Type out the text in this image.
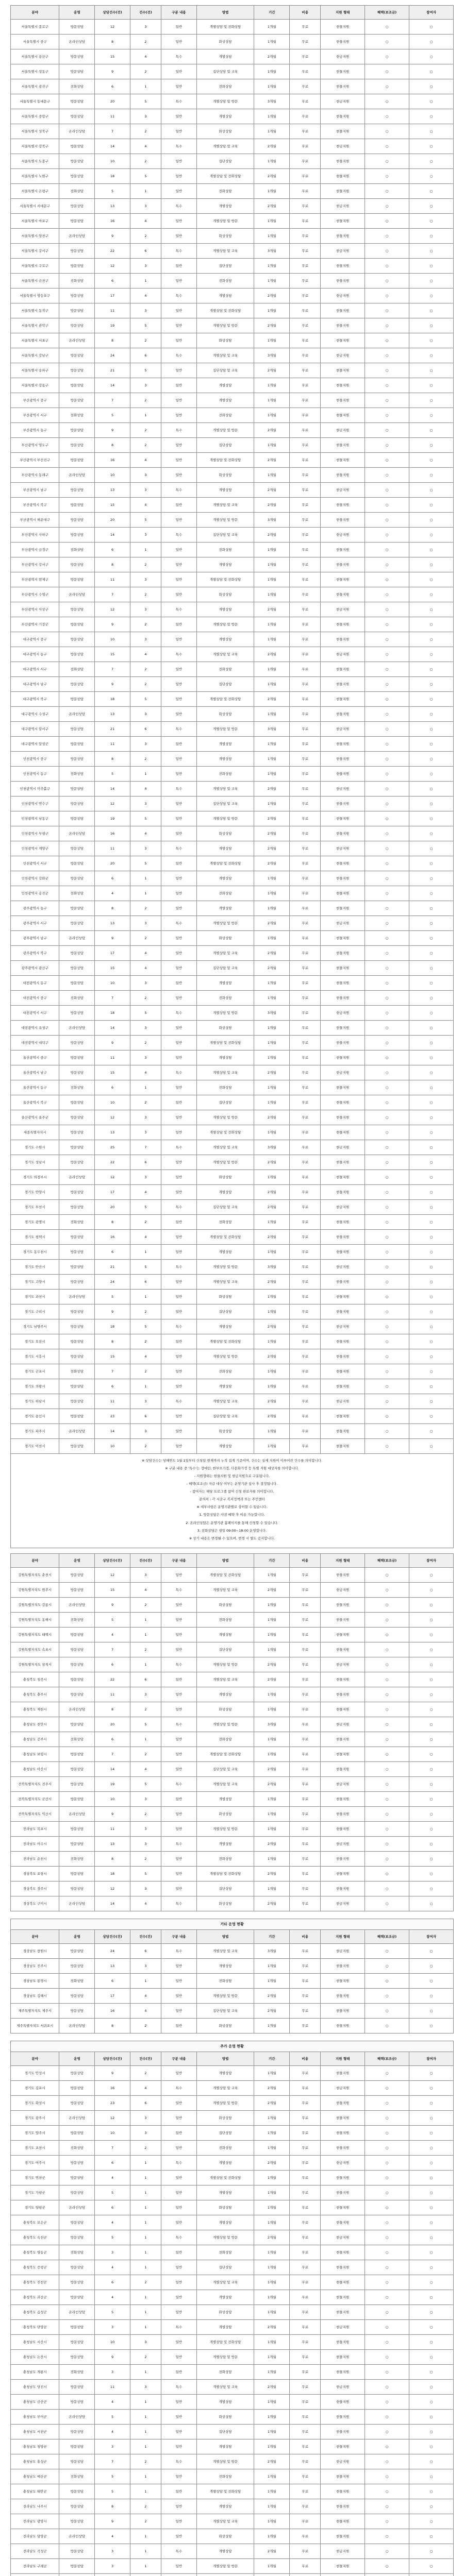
분야	운영	상담건수(건)	건수(건)	구분 내용	방법	기간	비용	지원 형태	혜택(보조금)	참여자
서울특별시 종로구	방문상담	12	3	일반	개별상담 및 전화상담	1개월	무료	현물지원	○	○
서울특별시 중구	온라인상담	8	2	일반	화상상담	1개월	무료	현물지원	○	○
서울특별시 용산구	방문상담	15	4	특수	개별상담	2개월	무료	현금지원	○	○
서울특별시 성동구	방문상담	9	2	일반	집단상담 및 교육	1개월	무료	현물지원	○	○
서울특별시 광진구	전화상담	6	1	일반	전화상담	1개월	무료	현물지원	○	○
서울특별시 동대문구	방문상담	20	5	특수	개별상담 및 방문	3개월	무료	현금지원	○	○
서울특별시 중랑구	방문상담	11	3	일반	개별상담	1개월	무료	현물지원	○	○
서울특별시 성북구	온라인상담	7	2	일반	화상상담	1개월	무료	현물지원	○	○
서울특별시 강북구	방문상담	14	4	특수	개별상담 및 교육	2개월	무료	현금지원	○	○
서울특별시 도봉구	방문상담	10	2	일반	집단상담	1개월	무료	현물지원	○	○
서울특별시 노원구	방문상담	18	5	일반	개별상담 및 전화상담	2개월	무료	현물지원	○	○
서울특별시 은평구	전화상담	5	1	일반	전화상담	1개월	무료	현물지원	○	○
서울특별시 서대문구	방문상담	13	3	특수	개별상담	2개월	무료	현금지원	○	○
서울특별시 마포구	방문상담	16	4	일반	개별상담 및 방문	1개월	무료	현물지원	○	○
서울특별시 양천구	온라인상담	9	2	일반	화상상담	1개월	무료	현물지원	○	○
서울특별시 강서구	방문상담	22	6	특수	개별상담 및 교육	3개월	무료	현금지원	○	○
서울특별시 구로구	방문상담	12	3	일반	집단상담	1개월	무료	현물지원	○	○
서울특별시 금천구	전화상담	6	1	일반	전화상담	1개월	무료	현물지원	○	○
서울특별시 영등포구	방문상담	17	4	특수	개별상담	2개월	무료	현금지원	○	○
서울특별시 동작구	방문상담	11	3	일반	개별상담 및 전화상담	1개월	무료	현물지원	○	○
서울특별시 관악구	방문상담	19	5	일반	개별상담 및 방문	2개월	무료	현물지원	○	○
서울특별시 서초구	온라인상담	8	2	일반	화상상담	1개월	무료	현물지원	○	○
서울특별시 강남구	방문상담	24	6	특수	개별상담 및 교육	3개월	무료	현금지원	○	○
서울특별시 송파구	방문상담	21	5	일반	집단상담 및 교육	2개월	무료	현물지원	○	○
서울특별시 강동구	방문상담	14	3	일반	개별상담	1개월	무료	현물지원	○	○
부산광역시 중구	방문상담	7	2	일반	개별상담	1개월	무료	현물지원	○	○
부산광역시 서구	전화상담	5	1	일반	전화상담	1개월	무료	현물지원	○	○
부산광역시 동구	방문상담	9	2	특수	개별상담 및 방문	2개월	무료	현금지원	○	○
부산광역시 영도구	방문상담	8	2	일반	집단상담	1개월	무료	현물지원	○	○
부산광역시 부산진구	방문상담	16	4	일반	개별상담 및 전화상담	2개월	무료	현물지원	○	○
부산광역시 동래구	온라인상담	10	3	일반	화상상담	1개월	무료	현물지원	○	○
부산광역시 남구	방문상담	13	3	특수	개별상담	2개월	무료	현금지원	○	○
부산광역시 북구	방문상담	15	4	일반	개별상담 및 교육	2개월	무료	현물지원	○	○
부산광역시 해운대구	방문상담	20	5	일반	개별상담 및 방문	3개월	무료	현물지원	○	○
부산광역시 사하구	방문상담	14	3	특수	집단상담 및 교육	2개월	무료	현금지원	○	○
부산광역시 금정구	전화상담	6	1	일반	전화상담	1개월	무료	현물지원	○	○
부산광역시 강서구	방문상담	8	2	일반	개별상담	1개월	무료	현물지원	○	○
부산광역시 연제구	방문상담	11	3	일반	개별상담 및 전화상담	1개월	무료	현물지원	○	○
부산광역시 수영구	온라인상담	7	2	일반	화상상담	1개월	무료	현물지원	○	○
부산광역시 사상구	방문상담	12	3	특수	개별상담	2개월	무료	현금지원	○	○
부산광역시 기장군	방문상담	9	2	일반	개별상담 및 방문	1개월	무료	현물지원	○	○
대구광역시 중구	방문상담	10	3	일반	개별상담	1개월	무료	현물지원	○	○
대구광역시 동구	방문상담	15	4	특수	개별상담 및 교육	2개월	무료	현금지원	○	○
대구광역시 서구	전화상담	7	2	일반	전화상담	1개월	무료	현물지원	○	○
대구광역시 남구	방문상담	9	2	일반	집단상담	1개월	무료	현물지원	○	○
대구광역시 북구	방문상담	18	5	일반	개별상담 및 전화상담	2개월	무료	현물지원	○	○
대구광역시 수성구	온라인상담	13	3	일반	화상상담	1개월	무료	현물지원	○	○
대구광역시 달서구	방문상담	21	6	특수	개별상담 및 방문	3개월	무료	현금지원	○	○
대구광역시 달성군	방문상담	11	3	일반	개별상담	1개월	무료	현물지원	○	○
인천광역시 중구	방문상담	8	2	일반	개별상담	1개월	무료	현물지원	○	○
인천광역시 동구	전화상담	5	1	일반	전화상담	1개월	무료	현물지원	○	○
인천광역시 미추홀구	방문상담	14	4	특수	개별상담 및 교육	2개월	무료	현금지원	○	○
인천광역시 연수구	방문상담	12	3	일반	집단상담 및 교육	1개월	무료	현물지원	○	○
인천광역시 남동구	방문상담	19	5	일반	개별상담 및 방문	2개월	무료	현물지원	○	○
인천광역시 부평구	온라인상담	16	4	일반	화상상담	2개월	무료	현물지원	○	○
인천광역시 계양구	방문상담	11	3	특수	개별상담	2개월	무료	현금지원	○	○
인천광역시 서구	방문상담	20	5	일반	개별상담 및 전화상담	2개월	무료	현물지원	○	○
인천광역시 강화군	방문상담	6	1	일반	개별상담	1개월	무료	현물지원	○	○
인천광역시 옹진군	전화상담	4	1	일반	전화상담	1개월	무료	현물지원	○	○
광주광역시 동구	방문상담	8	2	일반	개별상담	1개월	무료	현물지원	○	○
광주광역시 서구	방문상담	13	3	특수	개별상담 및 방문	2개월	무료	현금지원	○	○
광주광역시 남구	온라인상담	9	2	일반	화상상담	1개월	무료	현물지원	○	○
광주광역시 북구	방문상담	17	4	일반	개별상담 및 교육	2개월	무료	현물지원	○	○
광주광역시 광산구	방문상담	15	4	일반	집단상담 및 교육	2개월	무료	현물지원	○	○
대전광역시 동구	방문상담	10	3	일반	개별상담	1개월	무료	현물지원	○	○
대전광역시 중구	전화상담	7	2	일반	전화상담	1개월	무료	현물지원	○	○
대전광역시 서구	방문상담	18	5	특수	개별상담 및 방문	3개월	무료	현금지원	○	○
대전광역시 유성구	온라인상담	14	3	일반	화상상담	1개월	무료	현물지원	○	○
대전광역시 대덕구	방문상담	9	2	일반	개별상담 및 전화상담	1개월	무료	현물지원	○	○
울산광역시 중구	방문상담	11	3	일반	개별상담	1개월	무료	현물지원	○	○
울산광역시 남구	방문상담	15	4	특수	개별상담 및 교육	2개월	무료	현금지원	○	○
울산광역시 동구	전화상담	6	1	일반	전화상담	1개월	무료	현물지원	○	○
울산광역시 북구	방문상담	10	2	일반	집단상담	1개월	무료	현물지원	○	○
울산광역시 울주군	방문상담	12	3	일반	개별상담 및 방문	2개월	무료	현물지원	○	○
세종특별자치시	방문상담	13	3	일반	개별상담 및 전화상담	1개월	무료	현물지원	○	○
경기도 수원시	방문상담	25	7	특수	개별상담 및 교육	3개월	무료	현금지원	○	○
경기도 성남시	방문상담	22	6	일반	개별상담 및 방문	2개월	무료	현물지원	○	○
경기도 의정부시	온라인상담	12	3	일반	화상상담	1개월	무료	현물지원	○	○
경기도 안양시	방문상담	17	4	일반	개별상담	2개월	무료	현물지원	○	○
경기도 부천시	방문상담	20	5	특수	집단상담 및 교육	2개월	무료	현금지원	○	○
경기도 광명시	전화상담	8	2	일반	전화상담	1개월	무료	현물지원	○	○
경기도 평택시	방문상담	16	4	일반	개별상담 및 전화상담	2개월	무료	현물지원	○	○
경기도 동두천시	방문상담	6	1	일반	개별상담	1개월	무료	현물지원	○	○
경기도 안산시	방문상담	21	5	특수	개별상담 및 방문	3개월	무료	현금지원	○	○
경기도 고양시	방문상담	24	6	일반	개별상담 및 교육	2개월	무료	현물지원	○	○
경기도 과천시	온라인상담	5	1	일반	화상상담	1개월	무료	현물지원	○	○
경기도 구리시	방문상담	9	2	일반	집단상담	1개월	무료	현물지원	○	○
경기도 남양주시	방문상담	18	5	특수	개별상담	2개월	무료	현금지원	○	○
경기도 오산시	방문상담	8	2	일반	개별상담 및 전화상담	1개월	무료	현물지원	○	○
경기도 시흥시	방문상담	15	4	일반	개별상담 및 방문	2개월	무료	현물지원	○	○
경기도 군포시	전화상담	7	2	일반	전화상담	1개월	무료	현물지원	○	○
경기도 의왕시	방문상담	6	1	일반	개별상담	1개월	무료	현물지원	○	○
경기도 하남시	방문상담	11	3	특수	개별상담 및 교육	2개월	무료	현금지원	○	○
경기도 용인시	방문상담	23	6	일반	집단상담 및 교육	2개월	무료	현물지원	○	○
경기도 파주시	온라인상담	14	3	일반	화상상담	1개월	무료	현물지원	○	○
경기도 이천시	방문상담	10	2	일반	개별상담	1개월	무료	현물지원	○	○

※ 상담건수는 당해연도 1월 1일부터 신청일 현재까지 누적 집계 기준이며, 건수는 실제 지원이 이루어진 건수를 의미합니다.

※ 구분 내용 중 '특수'는 장애인, 한부모가정, 다문화가정 등 특별 지원 대상자를 의미합니다.

- 지원형태는 현물지원 및 현금지원으로 구분됩니다.

- 혜택(보조금) 지급 대상 여부는 운영기관 심사 후 결정됩니다.

- 참여자는 해당 프로그램 참여 신청 완료자를 의미합니다.

문의처 : 각 시군구 복지정책과 또는 주민센터

※ 세부사항은 운영기관별로 상이할 수 있습니다.

1. 방문상담은 사전 예약 후 이용 가능합니다.

2. 온라인상담은 운영기관 홈페이지를 통해 신청할 수 있습니다.

3. 전화상담은 평일 09:00~18:00 운영합니다.

※ 상기 내용은 변경될 수 있으며, 변경 시 별도 공지합니다.

분야	운영	상담건수(건)	건수(건)	구분 내용	방법	기간	비용	지원 형태	혜택(보조금)	참여자
강원특별자치도 춘천시	방문상담	12	3	일반	개별상담 및 전화상담	1개월	무료	현물지원	○	○
강원특별자치도 원주시	방문상담	15	4	특수	개별상담 및 교육	2개월	무료	현금지원	○	○
강원특별자치도 강릉시	온라인상담	9	2	일반	화상상담	1개월	무료	현물지원	○	○
강원특별자치도 동해시	전화상담	5	1	일반	전화상담	1개월	무료	현물지원	○	○
강원특별자치도 태백시	방문상담	4	1	일반	개별상담	1개월	무료	현물지원	○	○
강원특별자치도 속초시	방문상담	7	2	일반	집단상담	1개월	무료	현물지원	○	○
강원특별자치도 삼척시	방문상담	6	1	특수	개별상담 및 방문	2개월	무료	현금지원	○	○
충청북도 청주시	방문상담	22	6	일반	개별상담 및 교육	2개월	무료	현물지원	○	○
충청북도 충주시	방문상담	11	3	일반	개별상담	1개월	무료	현물지원	○	○
충청북도 제천시	온라인상담	8	2	일반	화상상담	1개월	무료	현물지원	○	○
충청남도 천안시	방문상담	20	5	특수	개별상담 및 방문	3개월	무료	현금지원	○	○
충청남도 공주시	전화상담	6	1	일반	전화상담	1개월	무료	현물지원	○	○
충청남도 보령시	방문상담	7	2	일반	개별상담 및 전화상담	1개월	무료	현물지원	○	○
충청남도 아산시	방문상담	14	4	일반	집단상담 및 교육	2개월	무료	현물지원	○	○
전북특별자치도 전주시	방문상담	19	5	특수	개별상담 및 교육	2개월	무료	현금지원	○	○
전북특별자치도 군산시	방문상담	10	3	일반	개별상담	1개월	무료	현물지원	○	○
전북특별자치도 익산시	온라인상담	9	2	일반	화상상담	1개월	무료	현물지원	○	○
전라남도 목포시	방문상담	11	3	일반	개별상담 및 방문	1개월	무료	현물지원	○	○
전라남도 여수시	방문상담	13	3	특수	개별상담	2개월	무료	현금지원	○	○
전라남도 순천시	전화상담	8	2	일반	전화상담	1개월	무료	현물지원	○	○
경상북도 포항시	방문상담	18	5	일반	개별상담 및 전화상담	2개월	무료	현물지원	○	○
경상북도 경주시	방문상담	12	3	일반	집단상담	1개월	무료	현물지원	○	○
경상북도 구미시	온라인상담	14	4	특수	화상상담	2개월	무료	현금지원	○	○
기타 운영 현황
분야	운영	상담건수(건)	건수(건)	구분 내용	방법	기간	비용	지원 형태	혜택(보조금)	참여자
경상남도 창원시	방문상담	24	6	특수	개별상담 및 교육	3개월	무료	현금지원	○	○
경상남도 진주시	방문상담	13	3	일반	개별상담	1개월	무료	현물지원	○	○
경상남도 통영시	전화상담	6	1	일반	전화상담	1개월	무료	현물지원	○	○
경상남도 김해시	방문상담	17	4	일반	개별상담 및 방문	2개월	무료	현물지원	○	○
제주특별자치도 제주시	방문상담	16	4	일반	집단상담 및 교육	2개월	무료	현물지원	○	○
제주특별자치도 서귀포시	온라인상담	8	2	일반	화상상담	1개월	무료	현물지원	○	○
추가 운영 현황
분야	운영	상담건수(건)	건수(건)	구분 내용	방법	기간	비용	지원 형태	혜택(보조금)	참여자
경기도 안성시	방문상담	9	2	일반	개별상담	1개월	무료	현물지원	○	○
경기도 김포시	방문상담	16	4	특수	개별상담 및 교육	2개월	무료	현금지원	○	○
경기도 화성시	방문상담	23	6	일반	개별상담 및 방문	2개월	무료	현물지원	○	○
경기도 광주시	온라인상담	12	3	일반	화상상담	1개월	무료	현물지원	○	○
경기도 양주시	방문상담	10	3	일반	집단상담	1개월	무료	현물지원	○	○
경기도 포천시	전화상담	7	2	일반	전화상담	1개월	무료	현물지원	○	○
경기도 여주시	방문상담	6	1	특수	개별상담	2개월	무료	현금지원	○	○
경기도 연천군	방문상담	4	1	일반	개별상담 및 전화상담	1개월	무료	현물지원	○	○
경기도 가평군	방문상담	5	1	일반	개별상담	1개월	무료	현물지원	○	○
경기도 양평군	온라인상담	6	1	일반	화상상담	1개월	무료	현물지원	○	○
충청북도 보은군	방문상담	4	1	일반	개별상담	1개월	무료	현물지원	○	○
충청북도 옥천군	방문상담	5	1	특수	개별상담 및 방문	2개월	무료	현금지원	○	○
충청북도 영동군	전화상담	3	1	일반	전화상담	1개월	무료	현물지원	○	○
충청북도 증평군	방문상담	4	1	일반	집단상담	1개월	무료	현물지원	○	○
충청북도 진천군	방문상담	6	2	일반	개별상담 및 교육	1개월	무료	현물지원	○	○
충청북도 괴산군	방문상담	4	1	일반	개별상담	1개월	무료	현물지원	○	○
충청북도 음성군	온라인상담	5	1	일반	화상상담	1개월	무료	현물지원	○	○
충청북도 단양군	방문상담	3	1	특수	개별상담	2개월	무료	현금지원	○	○
충청남도 서산시	방문상담	10	3	일반	개별상담 및 전화상담	1개월	무료	현물지원	○	○
충청남도 논산시	방문상담	9	2	일반	개별상담 및 방문	1개월	무료	현물지원	○	○
충청남도 계룡시	전화상담	3	1	일반	전화상담	1개월	무료	현물지원	○	○
충청남도 당진시	방문상담	11	3	특수	개별상담 및 교육	2개월	무료	현금지원	○	○
충청남도 금산군	방문상담	4	1	일반	개별상담	1개월	무료	현물지원	○	○
충청남도 부여군	온라인상담	5	1	일반	화상상담	1개월	무료	현물지원	○	○
충청남도 서천군	방문상담	4	1	일반	집단상담	1개월	무료	현물지원	○	○
충청남도 청양군	방문상담	3	1	일반	개별상담	1개월	무료	현물지원	○	○
충청남도 홍성군	방문상담	7	2	특수	개별상담 및 방문	2개월	무료	현금지원	○	○
충청남도 예산군	전화상담	5	1	일반	전화상담	1개월	무료	현물지원	○	○
충청남도 태안군	방문상담	5	1	일반	개별상담 및 전화상담	1개월	무료	현물지원	○	○
전라남도 나주시	방문상담	8	2	일반	개별상담	1개월	무료	현물지원	○	○
전라남도 광양시	방문상담	9	2	일반	개별상담 및 교육	1개월	무료	현물지원	○	○
전라남도 담양군	온라인상담	4	1	일반	화상상담	1개월	무료	현물지원	○	○
전라남도 곡성군	방문상담	3	1	특수	개별상담	2개월	무료	현금지원	○	○
전라남도 구례군	방문상담	3	1	일반	개별상담 및 방문	1개월	무료	현물지원	○	○
